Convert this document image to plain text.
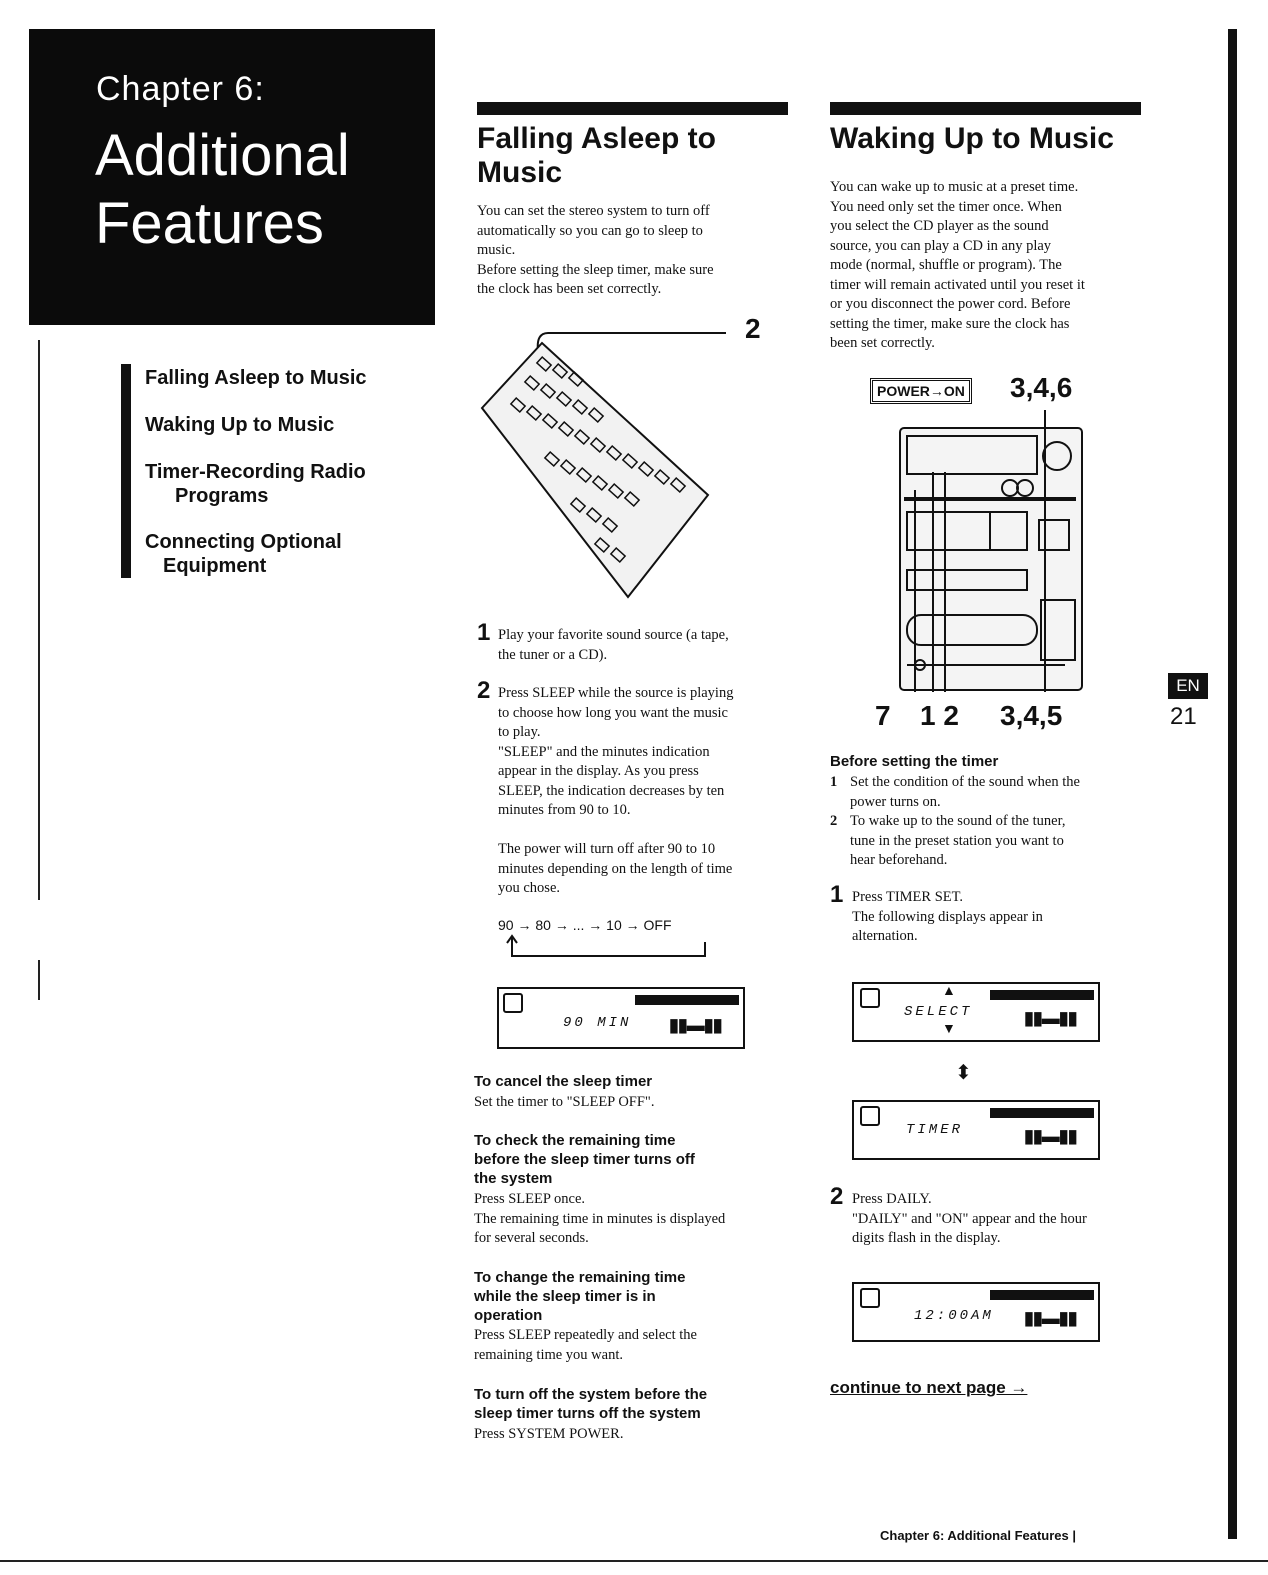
Chapter 6:
Additional
Features
Falling Asleep to Music
Waking Up to Music
Timer-Recording Radio
Programs
Connecting Optional
Equipment
Falling Asleep to
Music
You can set the stereo system to turn off
automatically so you can go to sleep to
music.
Before setting the sleep timer, make sure
the clock has been set correctly.
2
1 Play your favorite sound source (a tape,
the tuner or a CD).
2 Press SLEEP while the source is playing
to choose how long you want the music
to play.
"SLEEP" and the minutes indication
appear in the display. As you press
SLEEP, the indication decreases by ten
minutes from 90 to 10.
The power will turn off after 90 to 10
minutes depending on the length of time
you chose.
90 → 80 → ... → 10 → OFF
90 MIN ▮▮▬▮▮
To cancel the sleep timer
Set the timer to "SLEEP OFF".
To check the remaining time
before the sleep timer turns off
the system
Press SLEEP once.
The remaining time in minutes is displayed
for several seconds.
To change the remaining time
while the sleep timer is in
operation
Press SLEEP repeatedly and select the
remaining time you want.
To turn off the system before the
sleep timer turns off the system
Press SYSTEM POWER.
Waking Up to Music
You can wake up to music at a preset time.
You need only set the timer once. When
you select the CD player as the sound
source, you can play a CD in any play
mode (normal, shuffle or program). The
timer will remain activated until you reset it
or you disconnect the power cord. Before
setting the timer, make sure the clock has
been set correctly.
POWER→ON 3,4,6
7 1 2 3,4,5
Before setting the timer
1 Set the condition of the sound when the
power turns on.
2 To wake up to the sound of the tuner,
tune in the preset station you want to
hear beforehand.
1 Press TIMER SET.
The following displays appear in
alternation.
▲
▼
SELECT	▮▮▬▮▮
⬍
TIMER	▮▮▬▮▮
2 Press DAILY.
"DAILY" and "ON" appear and the hour
digits flash in the display.
12:00AM ▮▮▬▮▮
continue to next page →
EN
21
Chapter 6: Additional Features |
